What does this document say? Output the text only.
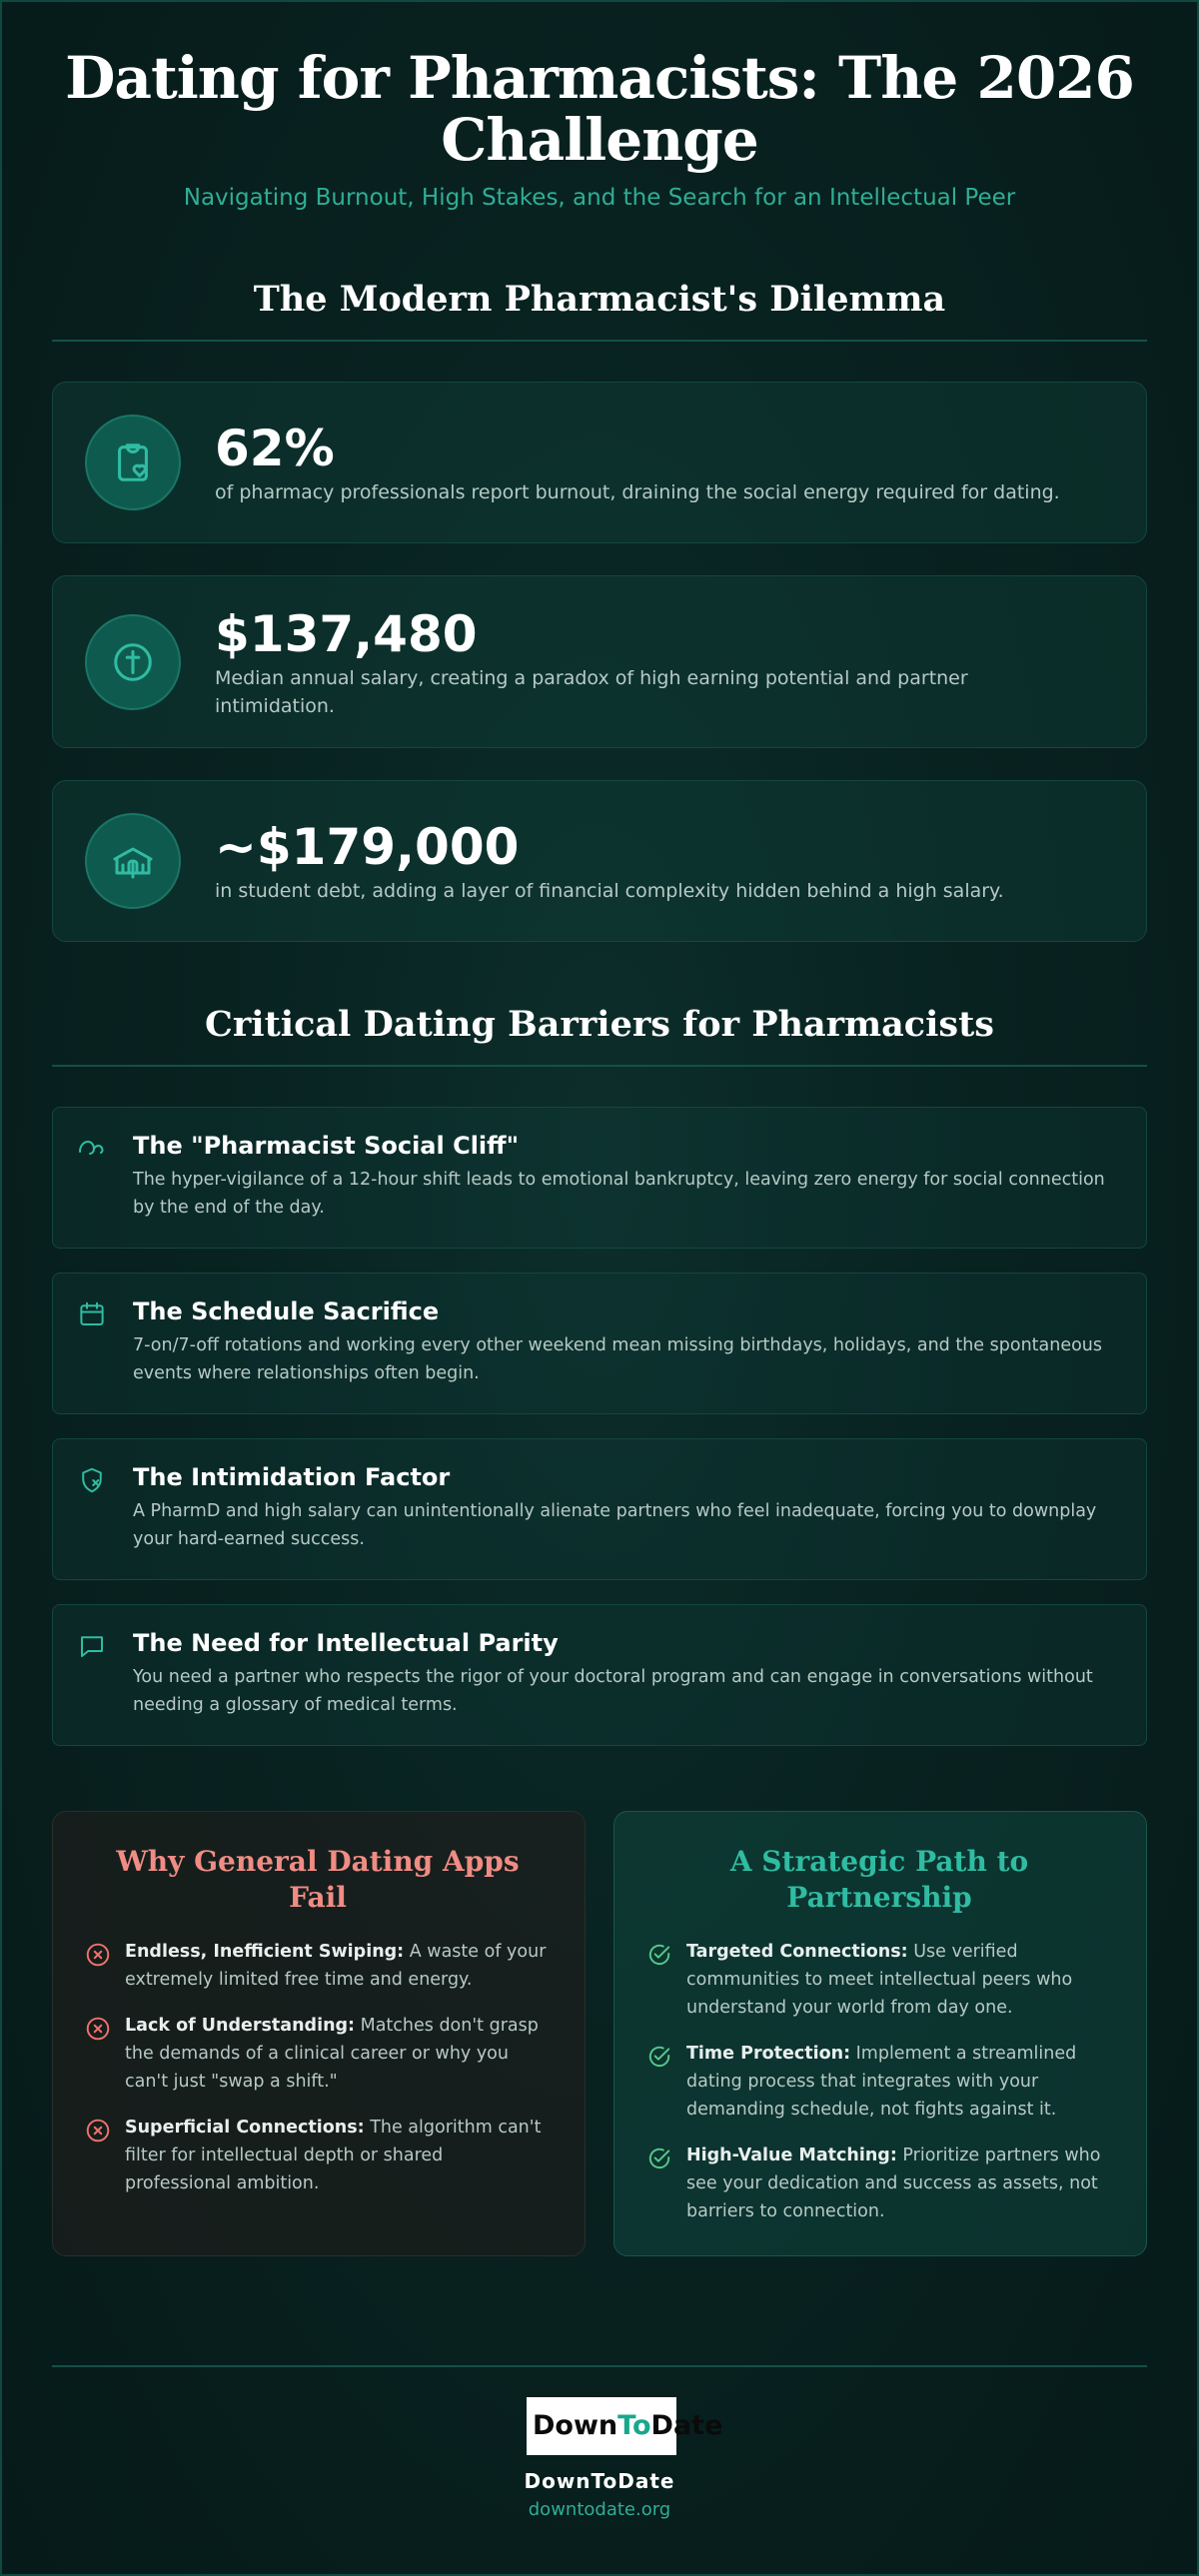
Dating for Pharmacists: The 2026 Challenge
Navigating Burnout, High Stakes, and the Search for an Intellectual Peer
The Modern Pharmacist's Dilemma
62%
of pharmacy professionals report burnout, draining the social energy required for dating.
$137,480
Median annual salary, creating a paradox of high earning potential and partner intimidation.
~$179,000
in student debt, adding a layer of financial complexity hidden behind a high salary.
Critical Dating Barriers for Pharmacists
The "Pharmacist Social Cliff"
The hyper-vigilance of a 12-hour shift leads to emotional bankruptcy, leaving zero energy for social connection by the end of the day.
The Schedule Sacrifice
7-on/7-off rotations and working every other weekend mean missing birthdays, holidays, and the spontaneous events where relationships often begin.
The Intimidation Factor
A PharmD and high salary can unintentionally alienate partners who feel inadequate, forcing you to downplay your hard-earned success.
The Need for Intellectual Parity
You need a partner who respects the rigor of your doctoral program and can engage in conversations without needing a glossary of medical terms.
Why General Dating Apps Fail
Endless, Inefficient Swiping: A waste of your extremely limited free time and energy.
Lack of Understanding: Matches don't grasp the demands of a clinical career or why you can't just "swap a shift."
Superficial Connections: The algorithm can't filter for intellectual depth or shared professional ambition.
A Strategic Path to Partnership
Targeted Connections: Use verified communities to meet intellectual peers who understand your world from day one.
Time Protection: Implement a streamlined dating process that integrates with your demanding schedule, not fights against it.
High-Value Matching: Prioritize partners who see your dedication and success as assets, not barriers to connection.
DownToDate
DownToDate
downtodate.org
